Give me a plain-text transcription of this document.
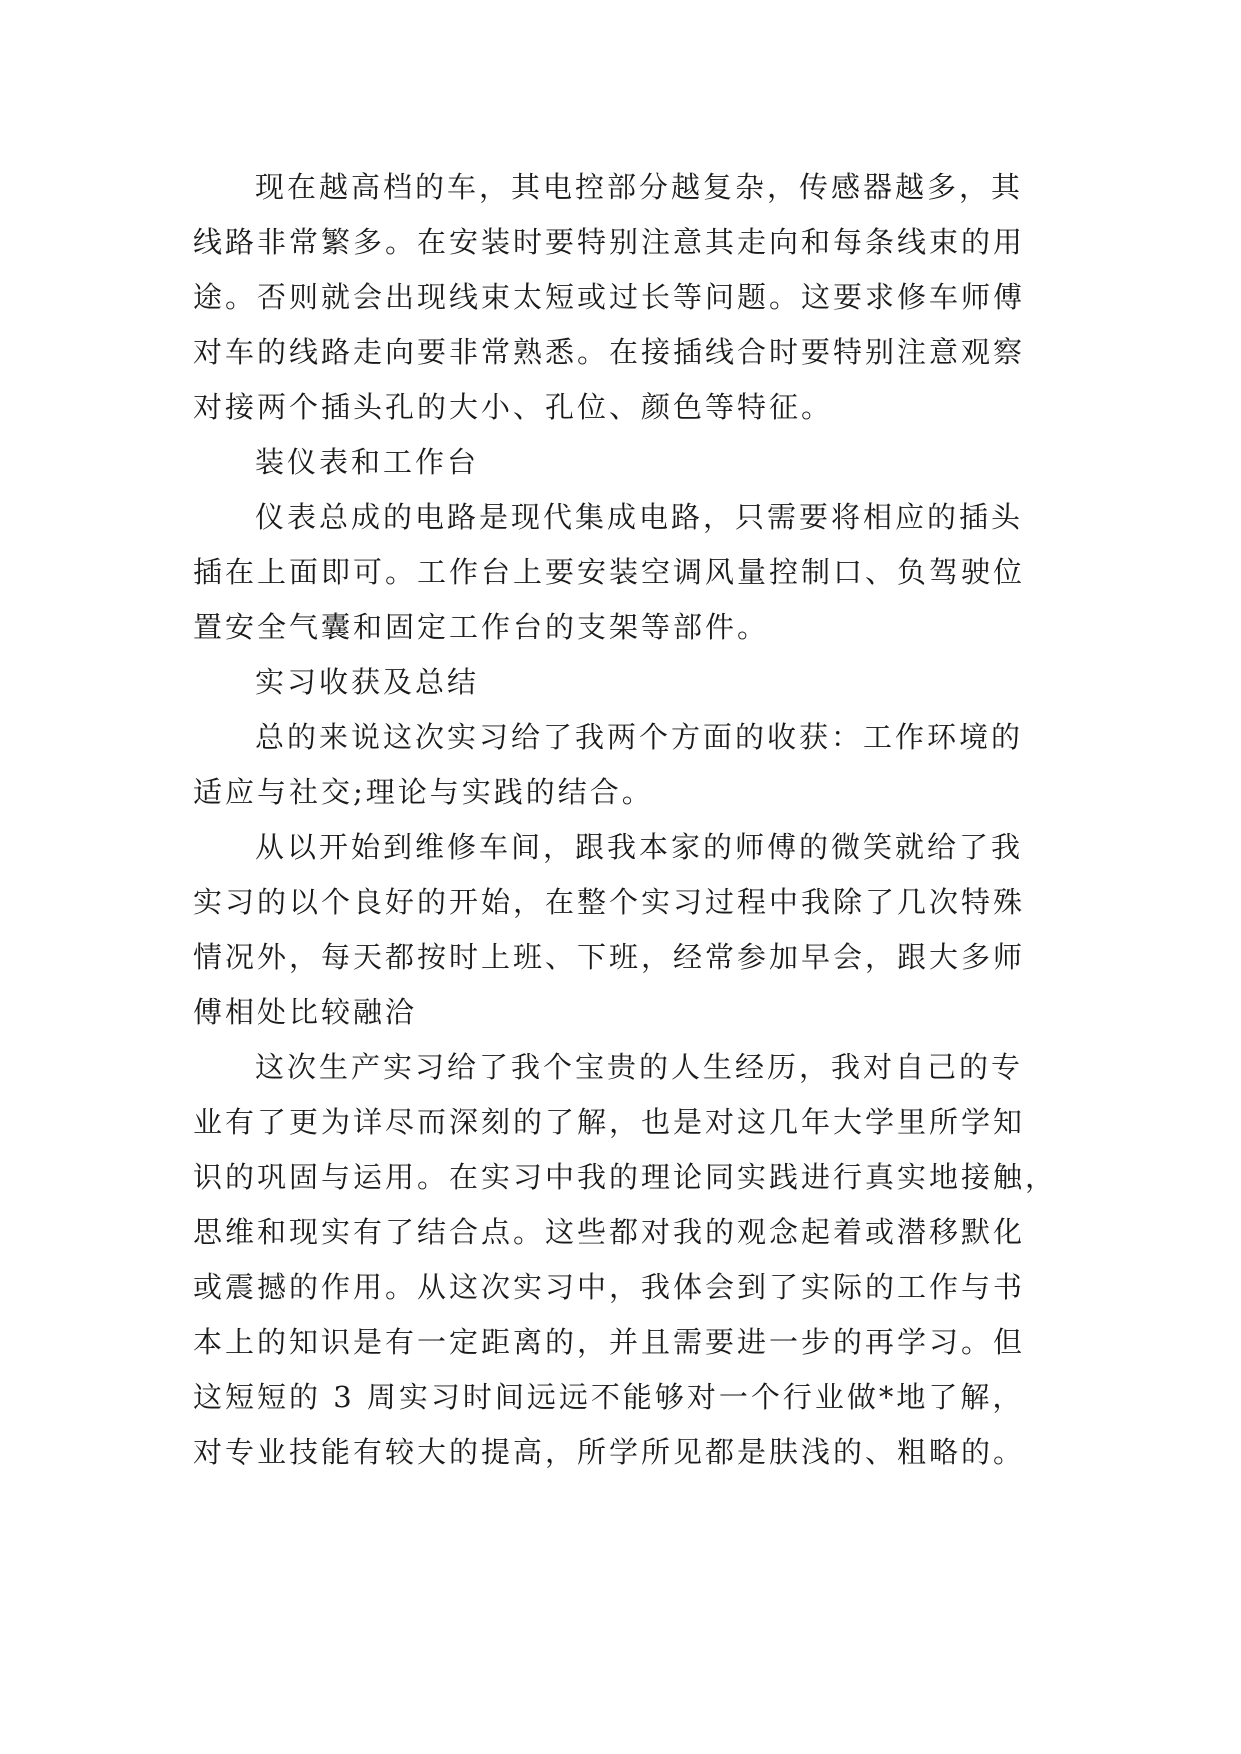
现在越高档的车，其电控部分越复杂，传感器越多，其
线路非常繁多。在安装时要特别注意其走向和每条线束的用
途。否则就会出现线束太短或过长等问题。这要求修车师傅
对车的线路走向要非常熟悉。在接插线合时要特别注意观察
对接两个插头孔的大小、孔位、颜色等特征。

装仪表和工作台

仪表总成的电路是现代集成电路，只需要将相应的插头
插在上面即可。工作台上要安装空调风量控制口、负驾驶位
置安全气囊和固定工作台的支架等部件。

实习收获及总结

总的来说这次实习给了我两个方面的收获：工作环境的
适应与社交;理论与实践的结合。

从以开始到维修车间，跟我本家的师傅的微笑就给了我
实习的以个良好的开始，在整个实习过程中我除了几次特殊
情况外，每天都按时上班、下班，经常参加早会，跟大多师
傅相处比较融洽

这次生产实习给了我个宝贵的人生经历，我对自己的专
业有了更为详尽而深刻的了解，也是对这几年大学里所学知
识的巩固与运用。在实习中我的理论同实践进行真实地接触，
思维和现实有了结合点。这些都对我的观念起着或潜移默化
或震撼的作用。从这次实习中，我体会到了实际的工作与书
本上的知识是有一定距离的，并且需要进一步的再学习。但
这短短的 3 周实习时间远远不能够对一个行业做*地了解，
对专业技能有较大的提高，所学所见都是肤浅的、粗略的。
